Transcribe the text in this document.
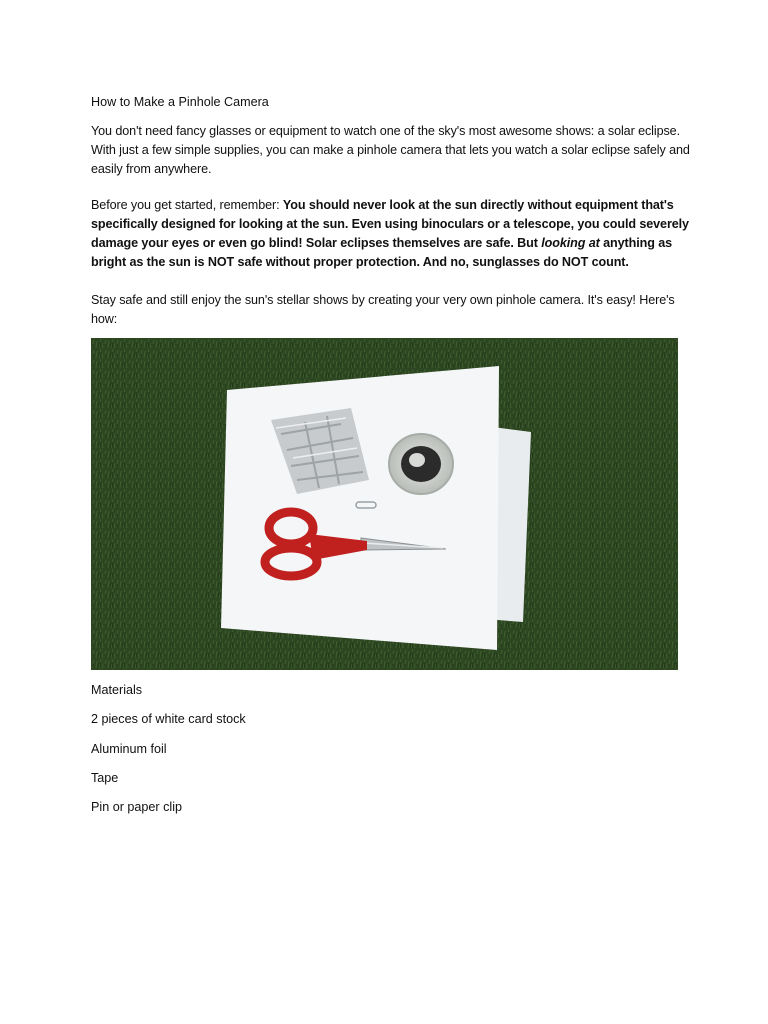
How to Make a Pinhole Camera
You don't need fancy glasses or equipment to watch one of the sky's most awesome shows: a solar eclipse. With just a few simple supplies, you can make a pinhole camera that lets you watch a solar eclipse safely and easily from anywhere.
Before you get started, remember: You should never look at the sun directly without equipment that's specifically designed for looking at the sun. Even using binoculars or a telescope, you could severely damage your eyes or even go blind! Solar eclipses themselves are safe. But looking at anything as bright as the sun is NOT safe without proper protection. And no, sunglasses do NOT count.
Stay safe and still enjoy the sun's stellar shows by creating your very own pinhole camera. It's easy! Here's how:
Materials
2 pieces of white card stock
Aluminum foil
Tape
Pin or paper clip
